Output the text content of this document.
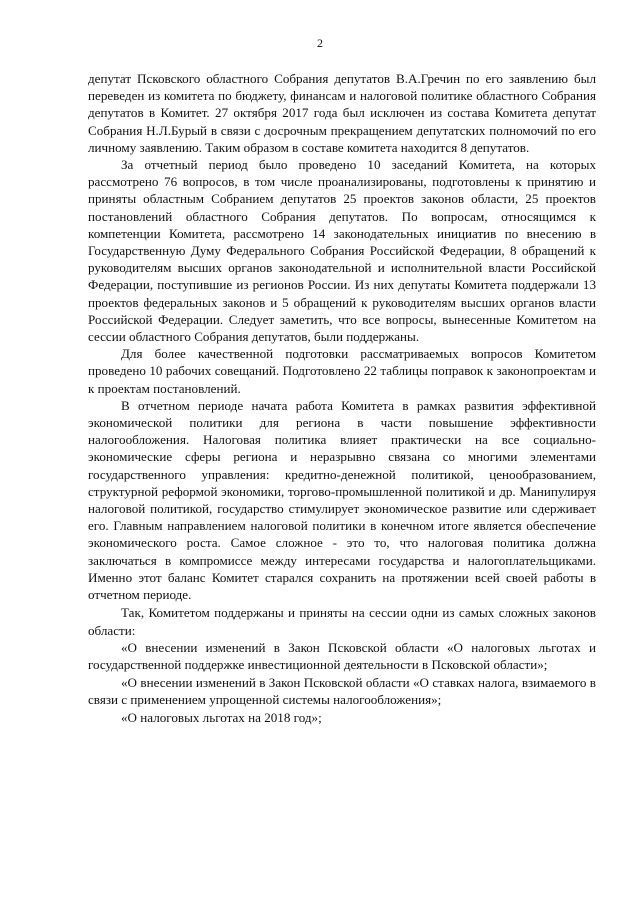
2

депутат Псковского областного Собрания депутатов В.А.Гречин по его заявлению был переведен из комитета по бюджету, финансам и налоговой политике областного Собрания депутатов в Комитет. 27 октября 2017 года был исключен из состава Комитета депутат Собрания Н.Л.Бурый в связи с досрочным прекращением депутатских полномочий по его личному заявлению. Таким образом в составе комитета находится 8 депутатов.

За отчетный период было проведено 10 заседаний Комитета, на которых рассмотрено 76 вопросов, в том числе проанализированы, подготовлены к принятию и приняты областным Собранием депутатов 25 проектов законов области, 25 проектов постановлений областного Собрания депутатов. По вопросам, относящимся к компетенции Комитета, рассмотрено 14 законодательных инициатив по внесению в Государственную Думу Федерального Собрания Российской Федерации, 8 обращений к руководителям высших органов законодательной и исполнительной власти Российской Федерации, поступившие из регионов России. Из них депутаты Комитета поддержали 13 проектов федеральных законов и 5 обращений к руководителям высших органов власти Российской Федерации. Следует заметить, что все вопросы, вынесенные Комитетом на сессии областного Собрания депутатов, были поддержаны.

Для более качественной подготовки рассматриваемых вопросов Комитетом проведено 10 рабочих совещаний. Подготовлено 22 таблицы поправок к законопроектам и к проектам постановлений.

В отчетном периоде начата работа Комитета в рамках развития эффективной экономической политики для региона в части повышение эффективности налогообложения. Налоговая политика влияет практически на все социально-экономические сферы региона и неразрывно связана со многими элементами государственного управления: кредитно-денежной политикой, ценообразованием, структурной реформой экономики, торгово-промышленной политикой и др. Манипулируя налоговой политикой, государство стимулирует экономическое развитие или сдерживает его. Главным направлением налоговой политики в конечном итоге является обеспечение экономического роста. Самое сложное - это то, что налоговая политика должна заключаться в компромиссе между интересами государства и налогоплательщиками. Именно этот баланс Комитет старался сохранить на протяжении всей своей работы в отчетном периоде.

Так, Комитетом поддержаны и приняты на сессии одни из самых сложных законов области:

«О внесении изменений в Закон Псковской области «О налоговых льготах и государственной поддержке инвестиционной деятельности в Псковской области»;

«О внесении изменений в Закон Псковской области «О ставках налога, взимаемого в связи с применением упрощенной системы налогообложения»;

«О налоговых льготах на 2018 год»;
